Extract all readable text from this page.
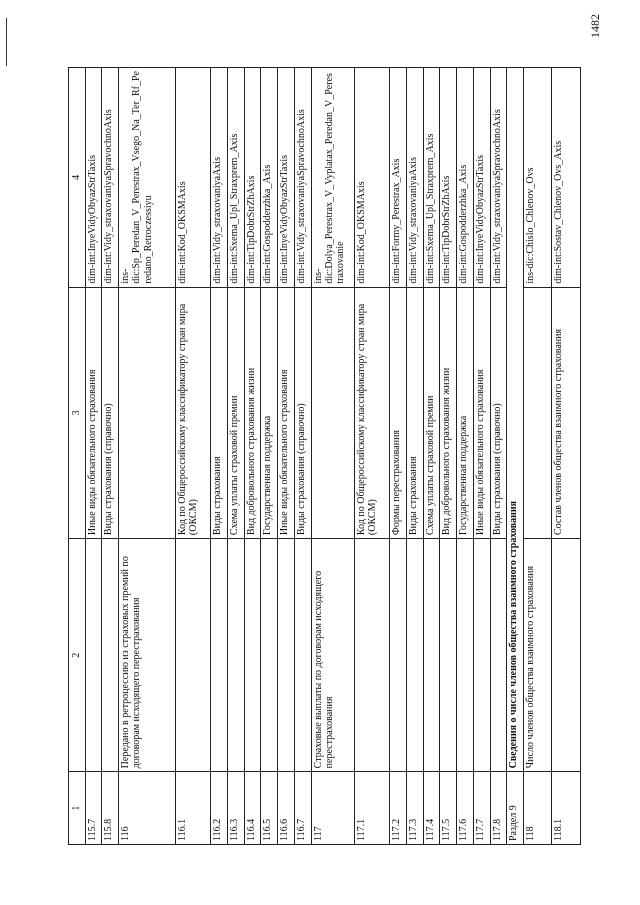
1482
1	2	3	4
115.7		Иные виды обязательного страхования	dim-int:InyeVidyObyazStrTaxis
115.8		Виды страхования (справочно)	dim-int:Vidy_straxovaniyaSpravochnoAxis
116	Передано в ретроцессию из страховых премий по договорам исходящего перестрахования		ins-dic:Sp_Peredan_V_Perestrax_Vsego_Na_Ter_Rf_Peredano_Retroczessiyu
116.1		Код по Общероссийскому классификатору стран мира (ОКСМ)	dim-int:Kod_OKSMAxis
116.2		Виды страхования	dim-int:Vidy_straxovaniyaAxis
116.3		Схема уплаты страховой премии	dim-int:Sxema_Upl_Straxprem_Axis
116.4		Вид добровольного страхования жизни	dim-int:TipDobrStrZhAxis
116.5		Государственная поддержка	dim-int:Gospodderzhka_Axis
116.6		Иные виды обязательного страхования	dim-int:InyeVidyObyazStrTaxis
116.7		Виды страхования (справочно)	dim-int:Vidy_straxovaniyaSpravochnoAxis
117	Страховые выплаты по договорам исходящего перестрахования		ins-dic:Dolya_Perestrax_V_Vyplatax_Peredan_V_Perestraxovanie
117.1		Код по Общероссийскому классификатору стран мира (ОКСМ)	dim-int:Kod_OKSMAxis
117.2		Формы перестрахования	dim-int:Formy_Perestrax_Axis
117.3		Виды страхования	dim-int:Vidy_straxovaniyaAxis
117.4		Схема уплаты страховой премии	dim-int:Sxema_Upl_Straxprem_Axis
117.5		Вид добровольного страхования жизни	dim-int:TipDobrStrZhAxis
117.6		Государственная поддержка	dim-int:Gospodderzhka_Axis
117.7		Иные виды обязательного страхования	dim-int:InyeVidyObyazStrTaxis
117.8		Виды страхования (справочно)	dim-int:Vidy_straxovaniyaSpravochnoAxis
Раздел 9	Сведения о числе членов общества взаимного страхования		
118	Число членов общества взаимного страхования		ins-dic:Chislo_Chlenov_Ovs
118.1		Состав членов общества взаимного страхования	dim-int:Sostav_Chlenov_Ovs_Axis
